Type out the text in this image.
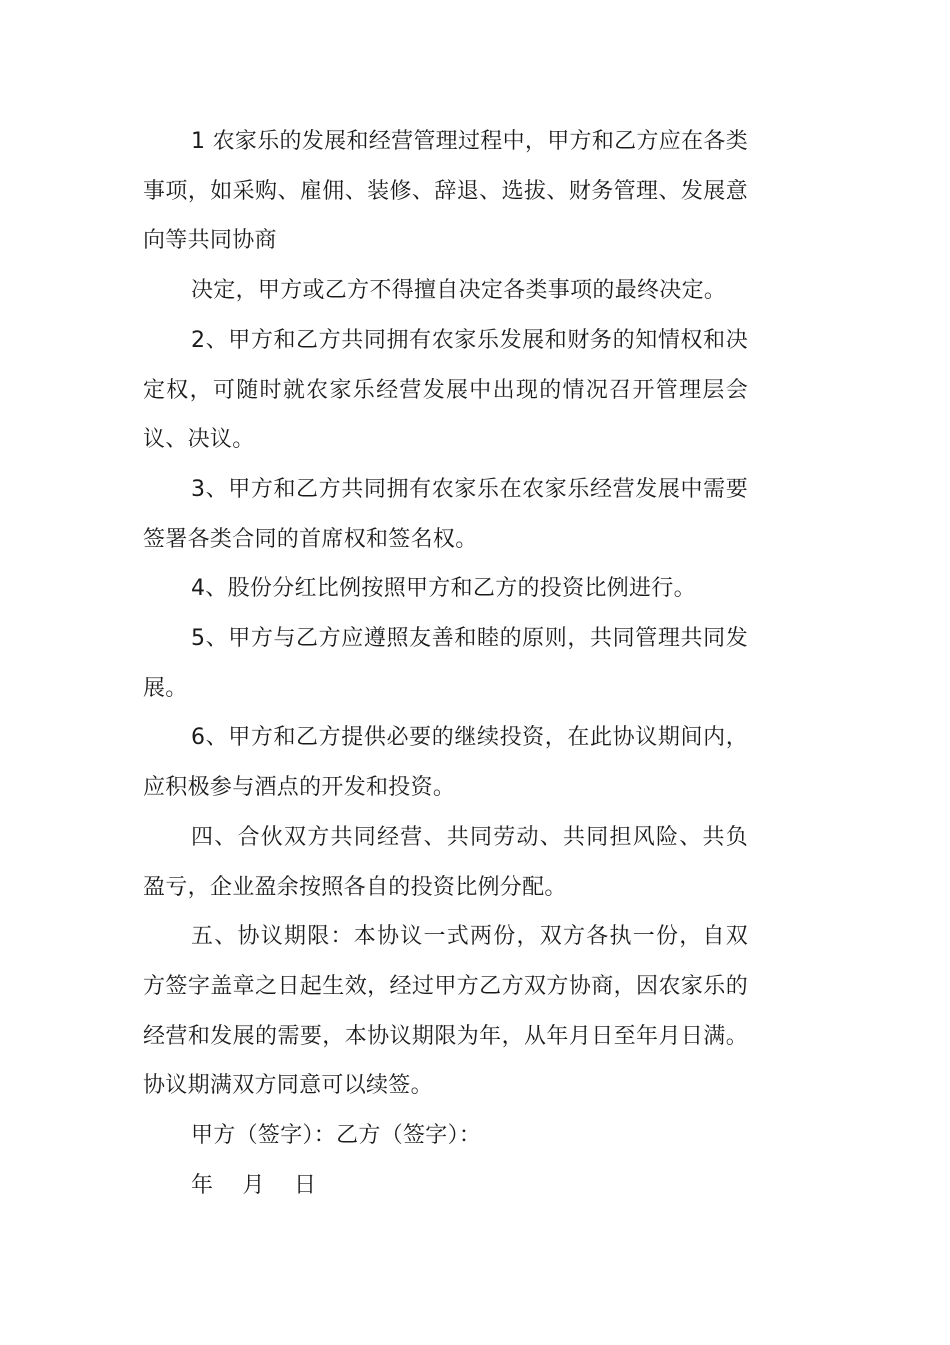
1 农家乐的发展和经营管理过程中，甲方和乙方应在各类事项，如采购、雇佣、装修、辞退、选拔、财务管理、发展意向等共同协商

决定，甲方或乙方不得擅自决定各类事项的最终决定。

2、甲方和乙方共同拥有农家乐发展和财务的知情权和决定权，可随时就农家乐经营发展中出现的情况召开管理层会议、决议。

3、甲方和乙方共同拥有农家乐在农家乐经营发展中需要签署各类合同的首席权和签名权。

4、股份分红比例按照甲方和乙方的投资比例进行。

5、甲方与乙方应遵照友善和睦的原则，共同管理共同发展。

6、甲方和乙方提供必要的继续投资，在此协议期间内，应积极参与酒点的开发和投资。

四、合伙双方共同经营、共同劳动、共同担风险、共负盈亏，企业盈余按照各自的投资比例分配。

五、协议期限：本协议一式两份，双方各执一份，自双方签字盖章之日起生效，经过甲方乙方双方协商，因农家乐的经营和发展的需要，本协议期限为年，从年月日至年月日满。协议期满双方同意可以续签。

甲方（签字）：乙方（签字）：

年    月    日
